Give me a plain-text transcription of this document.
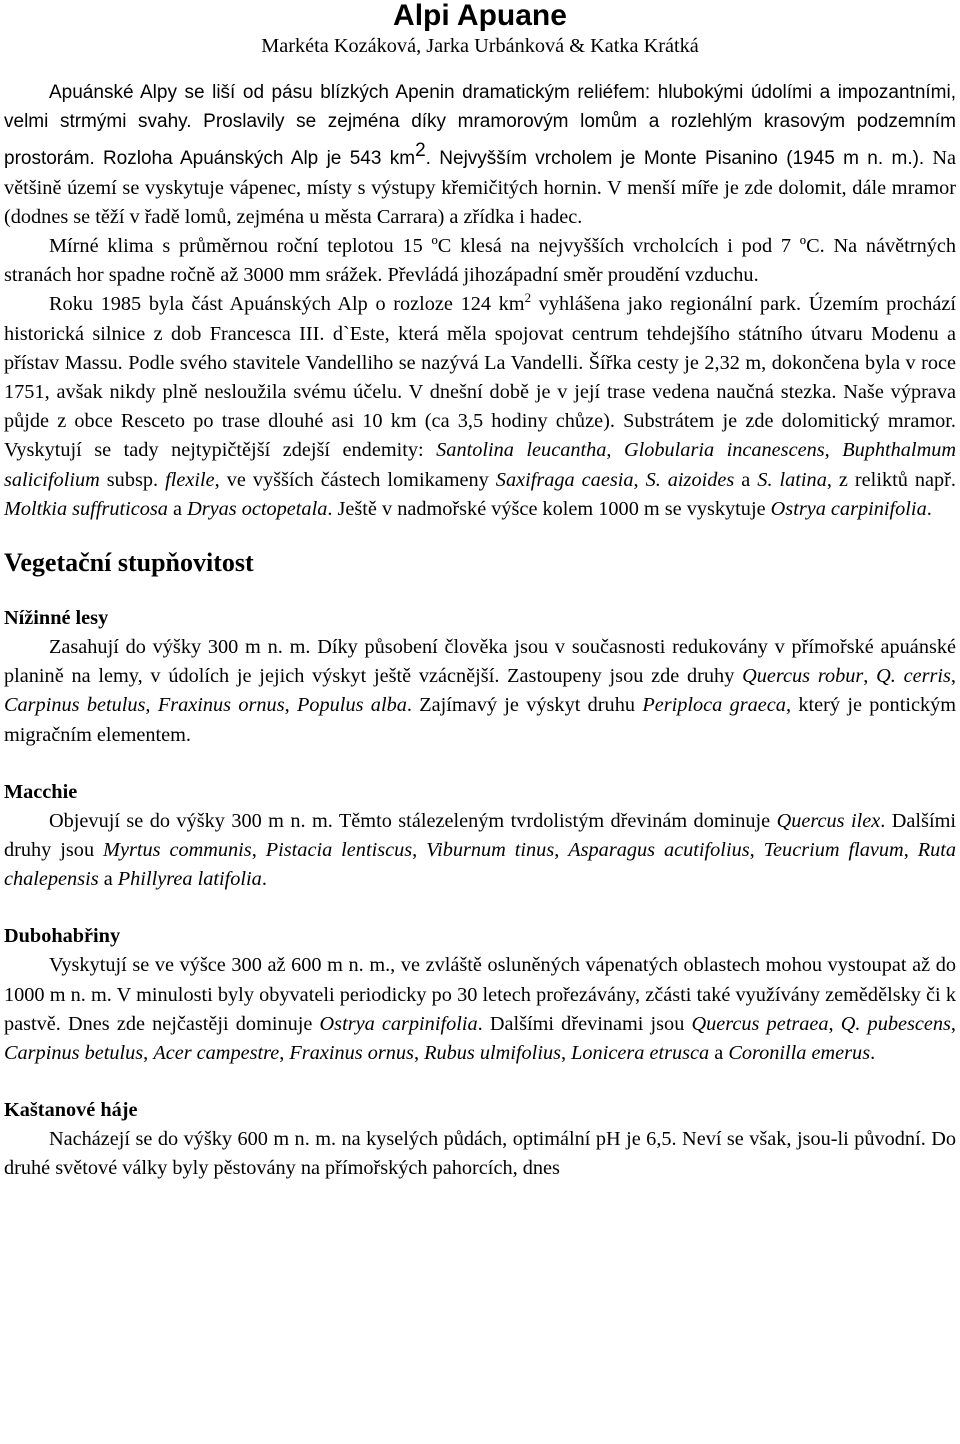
Alpi Apuane
Markéta Kozáková, Jarka Urbánková & Katka Krátká

Apuánské Alpy se liší od pásu blízkých Apenin dramatickým reliéfem: hlubokými údolími a impozantními, velmi strmými svahy. Proslavily se zejména díky mramorovým lomům a rozlehlým krasovým podzemním prostorám. Rozloha Apuánských Alp je 543 $km^2$. Nejvyšším vrcholem je Monte Pisanino (1945 m n. m.). Na většině území se vyskytuje vápenec, místy s výstupy křemičitých hornin. V menší míře je zde dolomit, dále mramor (dodnes se těží v řadě lomů, zejména u města Carrara) a zřídka i hadec.

Mírné klima s průměrnou roční teplotou 15 ºC klesá na nejvyšších vrcholcích i pod 7 ºC. Na návětrných stranách hor spadne ročně až 3000 mm srážek. Převládá jihozápadní směr proudění vzduchu.

Roku 1985 byla část Apuánských Alp o rozloze 124 $km^2$ vyhlášena jako regionální park. Územím prochází historická silnice z dob Francesca III. d`Este, která měla spojovat centrum tehdejšího státního útvaru Modenu a přístav Massu. Podle svého stavitele Vandelliho se nazývá La Vandelli. Šířka cesty je 2,32 m, dokončena byla v roce 1751, avšak nikdy plně nesloužila svému účelu. V dnešní době je v její trase vedena naučná stezka. Naše výprava půjde z obce Resceto po trase dlouhé asi 10 km (ca 3,5 hodiny chůze). Substrátem je zde dolomitický mramor. Vyskytují se tady nejtypičtější zdejší endemity: Santolina leucantha, Globularia incanescens, Buphthalmum salicifolium subsp. flexile, ve vyšších částech lomikameny Saxifraga caesia, S. aizoides a S. latina, z reliktů např. Moltkia suffruticosa a Dryas octopetala. Ještě v nadmořské výšce kolem 1000 m se vyskytuje Ostrya carpinifolia.

Vegetační stupňovitost
Nížinné lesy

Zasahují do výšky 300 m n. m. Díky působení člověka jsou v současnosti redukovány v přímořské apuánské planině na lemy, v údolích je jejich výskyt ještě vzácnější. Zastoupeny jsou zde druhy Quercus robur, Q. cerris, Carpinus betulus, Fraxinus ornus, Populus alba. Zajímavý je výskyt druhu Periploca graeca, který je pontickým migračním elementem.

Macchie

Objevují se do výšky 300 m n. m. Těmto stálezeleným tvrdolistým dřevinám dominuje Quercus ilex. Dalšími druhy jsou Myrtus communis, Pistacia lentiscus, Viburnum tinus, Asparagus acutifolius, Teucrium flavum, Ruta chalepensis a Phillyrea latifolia.

Dubohabřiny

Vyskytují se ve výšce 300 až 600 m n. m., ve zvláště osluněných vápenatých oblastech mohou vystoupat až do 1000 m n. m. V minulosti byly obyvateli periodicky po 30 letech prořezávány, zčásti také využívány zemědělsky či k pastvě. Dnes zde nejčastěji dominuje Ostrya carpinifolia. Dalšími dřevinami jsou Quercus petraea, Q. pubescens, Carpinus betulus, Acer campestre, Fraxinus ornus, Rubus ulmifolius, Lonicera etrusca a Coronilla emerus.

Kaštanové háje

Nacházejí se do výšky 600 m n. m. na kyselých půdách, optimální pH je 6,5. Neví se však, jsou-li původní. Do druhé světové války byly pěstovány na přímořských pahorcích, dnes
